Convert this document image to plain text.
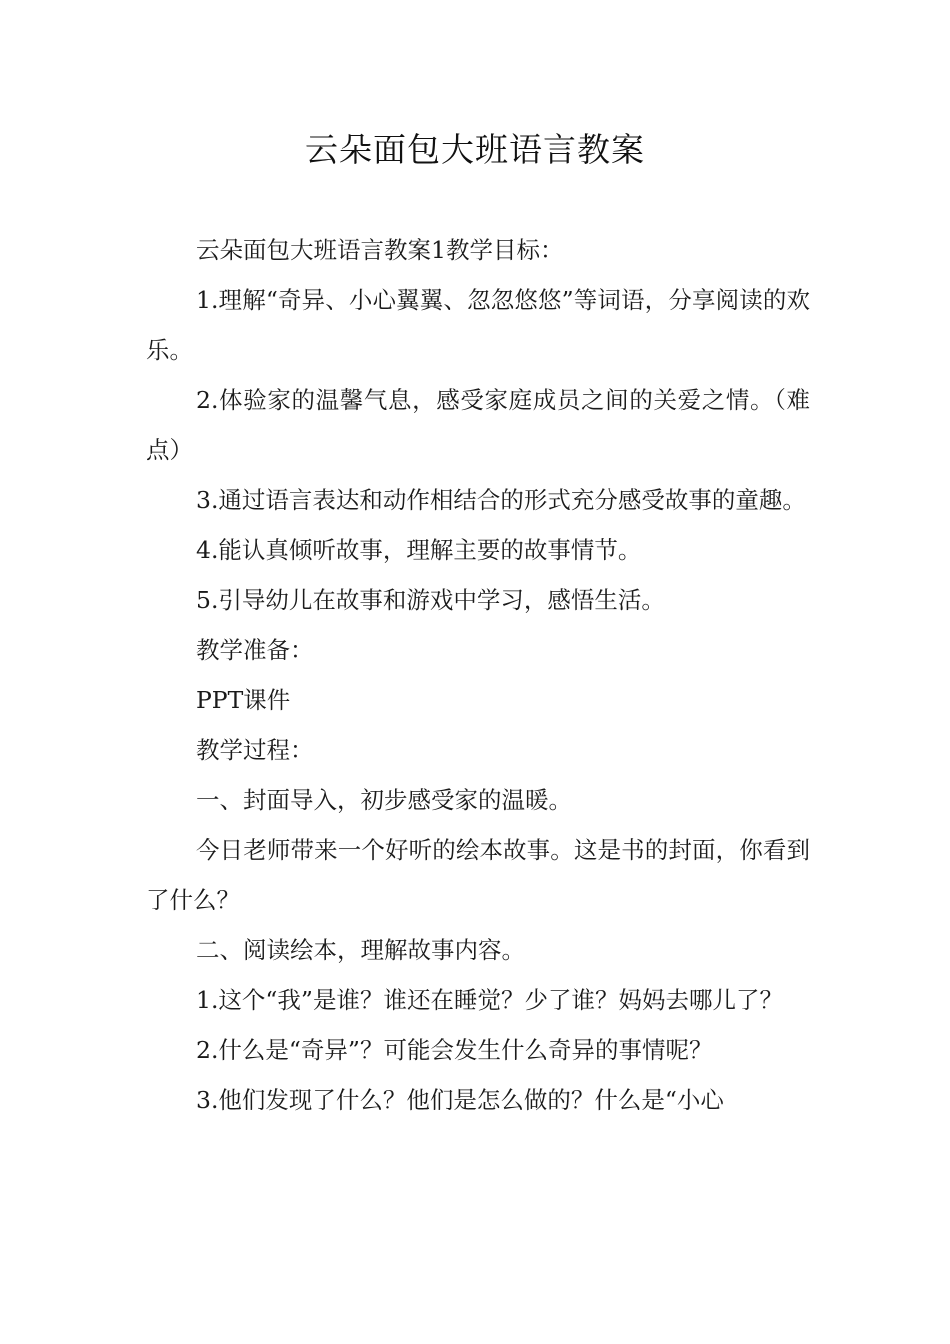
云朵面包大班语言教案

云朵面包大班语言教案1教学目标：

1.理解“奇异、小心翼翼、忽忽悠悠”等词语，分享阅读的欢乐。

2.体验家的温馨气息，感受家庭成员之间的关爱之情。（难点）

3.通过语言表达和动作相结合的形式充分感受故事的童趣。

4.能认真倾听故事，理解主要的故事情节。

5.引导幼儿在故事和游戏中学习，感悟生活。

教学准备：

PPT课件

教学过程：

一、封面导入，初步感受家的温暖。

今日老师带来一个好听的绘本故事。这是书的封面，你看到了什么？

二、阅读绘本，理解故事内容。

1.这个“我”是谁？谁还在睡觉？少了谁？妈妈去哪儿了？

2.什么是“奇异”？可能会发生什么奇异的事情呢？

3.他们发现了什么？他们是怎么做的？什么是“小心
